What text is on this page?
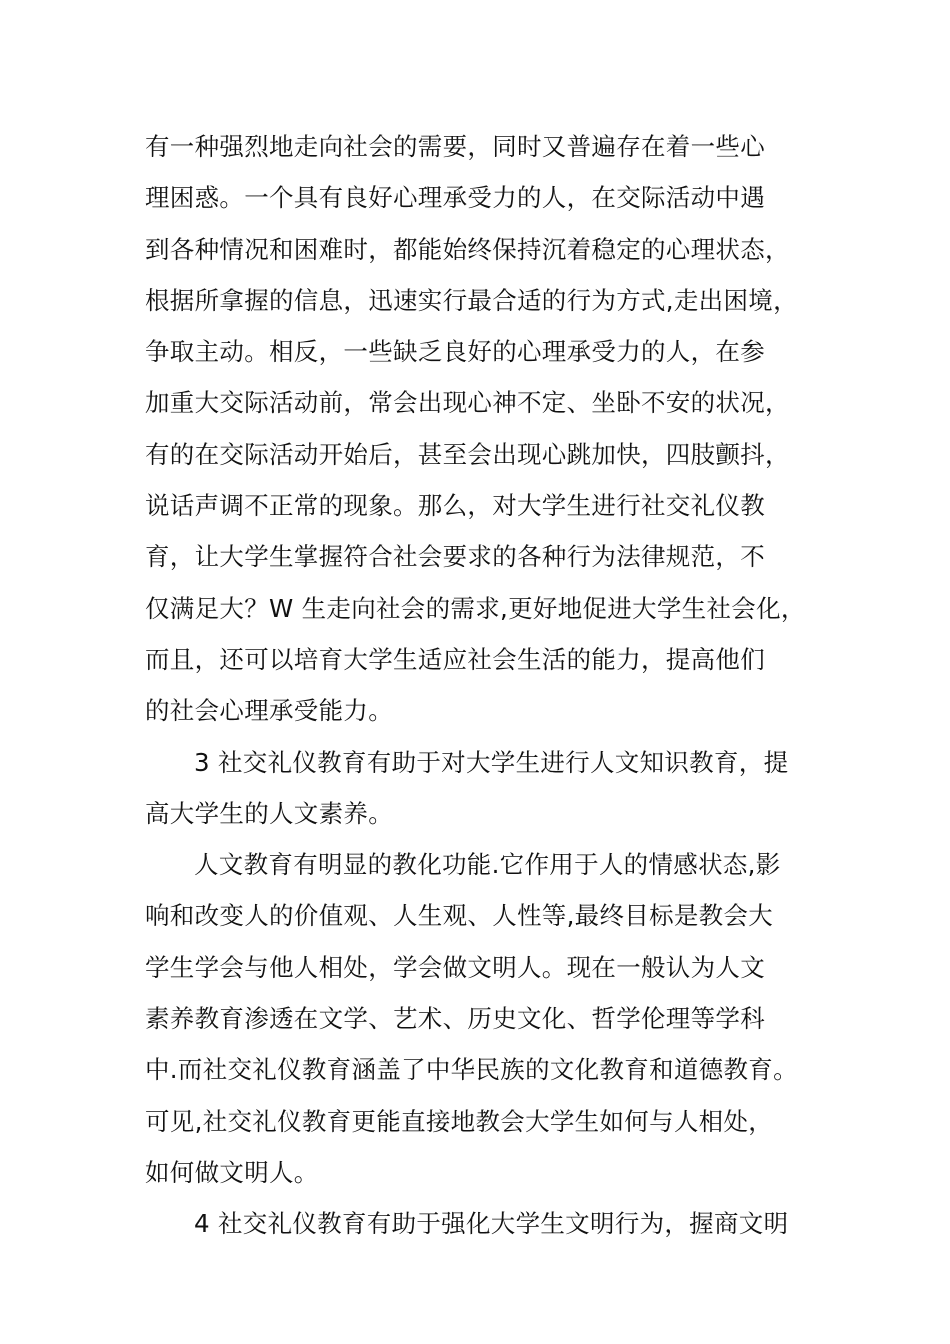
有一种强烈地走向社会的需要，同时又普遍存在着一些心
理困惑。一个具有良好心理承受力的人，在交际活动中遇
到各种情况和困难时，都能始终保持沉着稳定的心理状态，
根据所拿握的信息，迅速实行最合适的行为方式,走出困境，
争取主动。相反，一些缺乏良好的心理承受力的人，在参
加重大交际活动前，常会出现心神不定、坐卧不安的状况，
有的在交际活动开始后，甚至会出现心跳加快，四肢颤抖，
说话声调不正常的现象。那么，对大学生进行社交礼仪教
育，让大学生掌握符合社会要求的各种行为法律规范，不
仅满足大？W 生走向社会的需求,更好地促进大学生社会化，
而且，还可以培育大学生适应社会生活的能力，提高他们
的社会心理承受能力。

3 社交礼仪教育有助于对大学生进行人文知识教育，提
高大学生的人文素养。

人文教育有明显的教化功能.它作用于人的情感状态,影
响和改变人的价值观、人生观、人性等,最终目标是教会大
学生学会与他人相处，学会做文明人。现在一般认为人文
素养教育渗透在文学、艺术、历史文化、哲学伦理等学科
中.而社交礼仪教育涵盖了中华民族的文化教育和道德教育。
可见,社交礼仪教育更能直接地教会大学生如何与人相处，
如何做文明人。

4 社交礼仪教育有助于强化大学生文明行为，握商文明
